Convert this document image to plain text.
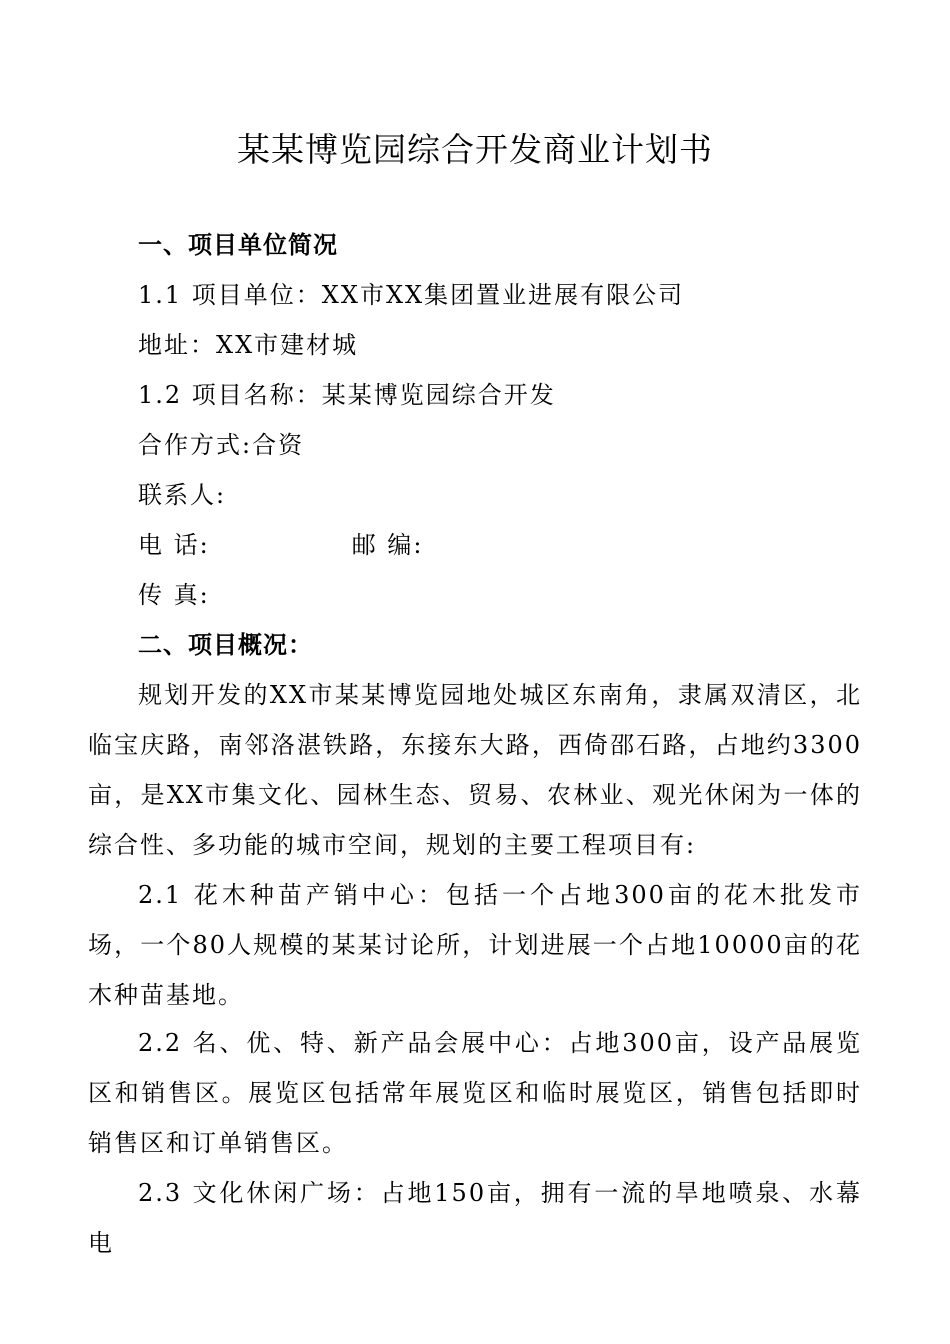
某某博览园综合开发商业计划书
一、项目单位简况
1.1 项目单位：XX市XX集团置业进展有限公司
地址：XX市建材城
1.2 项目名称：某某博览园综合开发
合作方式:合资
联系人:
电 话:	邮 编:
传 真:
二、项目概况：
规划开发的XX市某某博览园地处城区东南角，隶属双清区，北临宝庆路，南邻洛湛铁路，东接东大路，西倚邵石路，占地约3300亩，是XX市集文化、园林生态、贸易、农林业、观光休闲为一体的综合性、多功能的城市空间，规划的主要工程项目有:
2.1 花木种苗产销中心：包括一个占地300亩的花木批发市场，一个80人规模的某某讨论所，计划进展一个占地10000亩的花木种苗基地。
2.2 名、优、特、新产品会展中心：占地300亩，设产品展览区和销售区。展览区包括常年展览区和临时展览区，销售包括即时销售区和订单销售区。
2.3 文化休闲广场：占地150亩，拥有一流的旱地喷泉、水幕电
